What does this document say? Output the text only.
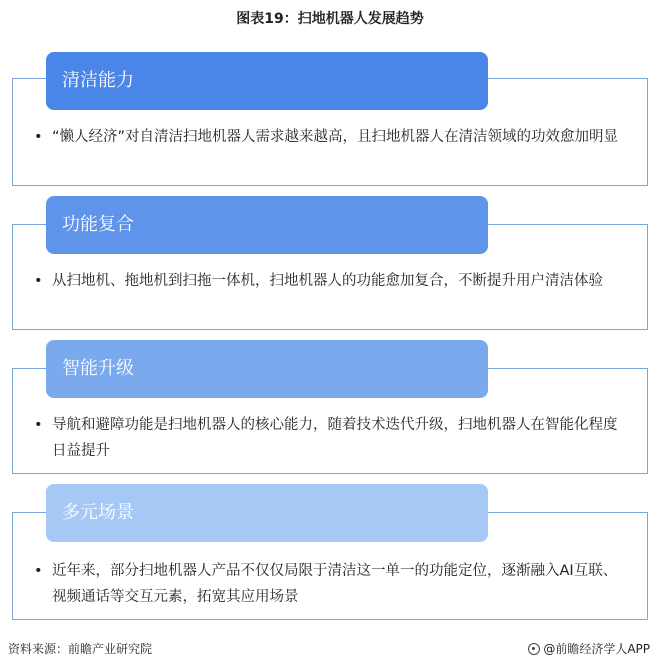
图表19：扫地机器人发展趋势
清洁能力
• “懒人经济”对自清洁扫地机器人需求越来越高，且扫地机器人在清洁领域的功效愈加明显
功能复合
• 从扫地机、拖地机到扫拖一体机，扫地机器人的功能愈加复合，不断提升用户清洁体验
智能升级
• 导航和避障功能是扫地机器人的核心能力，随着技术迭代升级，扫地机器人在智能化程度日益提升
多元场景
• 近年来，部分扫地机器人产品不仅仅局限于清洁这一单一的功能定位，逐渐融入AI互联、视频通话等交互元素，拓宽其应用场景
资料来源：前瞻产业研究院	@前瞻经济学人APP
